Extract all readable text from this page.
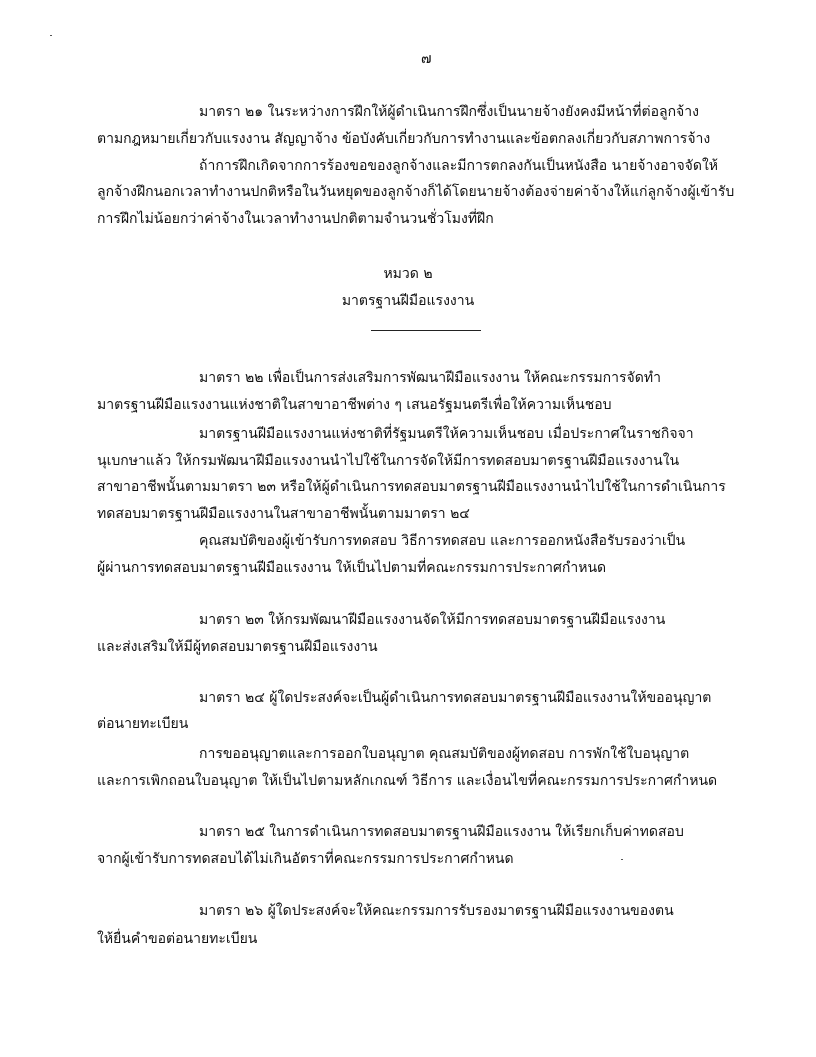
๗
มาตรา ๒๑ ในระหว่างการฝึกให้ผู้ดำเนินการฝึกซึ่งเป็นนายจ้างยังคงมีหน้าที่ต่อลูกจ้าง
ตามกฎหมายเกี่ยวกับแรงงาน สัญญาจ้าง ข้อบังคับเกี่ยวกับการทำงานและข้อตกลงเกี่ยวกับสภาพการจ้าง
ถ้าการฝึกเกิดจากการร้องขอของลูกจ้างและมีการตกลงกันเป็นหนังสือ นายจ้างอาจจัดให้
ลูกจ้างฝึกนอกเวลาทำงานปกติหรือในวันหยุดของลูกจ้างก็ได้โดยนายจ้างต้องจ่ายค่าจ้างให้แก่ลูกจ้างผู้เข้ารับ
การฝึกไม่น้อยกว่าค่าจ้างในเวลาทำงานปกติตามจำนวนชั่วโมงที่ฝึก
หมวด ๒
มาตรฐานฝีมือแรงงาน
มาตรา ๒๒ เพื่อเป็นการส่งเสริมการพัฒนาฝีมือแรงงาน ให้คณะกรรมการจัดทำ
มาตรฐานฝีมือแรงงานแห่งชาติในสาขาอาชีพต่าง ๆ เสนอรัฐมนตรีเพื่อให้ความเห็นชอบ
มาตรฐานฝีมือแรงงานแห่งชาติที่รัฐมนตรีให้ความเห็นชอบ เมื่อประกาศในราชกิจจา
นุเบกษาแล้ว ให้กรมพัฒนาฝีมือแรงงานนำไปใช้ในการจัดให้มีการทดสอบมาตรฐานฝีมือแรงงานใน
สาขาอาชีพนั้นตามมาตรา ๒๓ หรือให้ผู้ดำเนินการทดสอบมาตรฐานฝีมือแรงงานนำไปใช้ในการดำเนินการ
ทดสอบมาตรฐานฝีมือแรงงานในสาขาอาชีพนั้นตามมาตรา ๒๔
คุณสมบัติของผู้เข้ารับการทดสอบ วิธีการทดสอบ และการออกหนังสือรับรองว่าเป็น
ผู้ผ่านการทดสอบมาตรฐานฝีมือแรงงาน ให้เป็นไปตามที่คณะกรรมการประกาศกำหนด
มาตรา ๒๓ ให้กรมพัฒนาฝีมือแรงงานจัดให้มีการทดสอบมาตรฐานฝีมือแรงงาน
และส่งเสริมให้มีผู้ทดสอบมาตรฐานฝีมือแรงงาน
มาตรา ๒๔ ผู้ใดประสงค์จะเป็นผู้ดำเนินการทดสอบมาตรฐานฝีมือแรงงานให้ขออนุญาต
ต่อนายทะเบียน
การขออนุญาตและการออกใบอนุญาต คุณสมบัติของผู้ทดสอบ การพักใช้ใบอนุญาต
และการเพิกถอนใบอนุญาต ให้เป็นไปตามหลักเกณฑ์ วิธีการ และเงื่อนไขที่คณะกรรมการประกาศกำหนด
มาตรา ๒๕ ในการดำเนินการทดสอบมาตรฐานฝีมือแรงงาน ให้เรียกเก็บค่าทดสอบ
จากผู้เข้ารับการทดสอบได้ไม่เกินอัตราที่คณะกรรมการประกาศกำหนด
มาตรา ๒๖ ผู้ใดประสงค์จะให้คณะกรรมการรับรองมาตรฐานฝีมือแรงงานของตน
ให้ยื่นคำขอต่อนายทะเบียน
